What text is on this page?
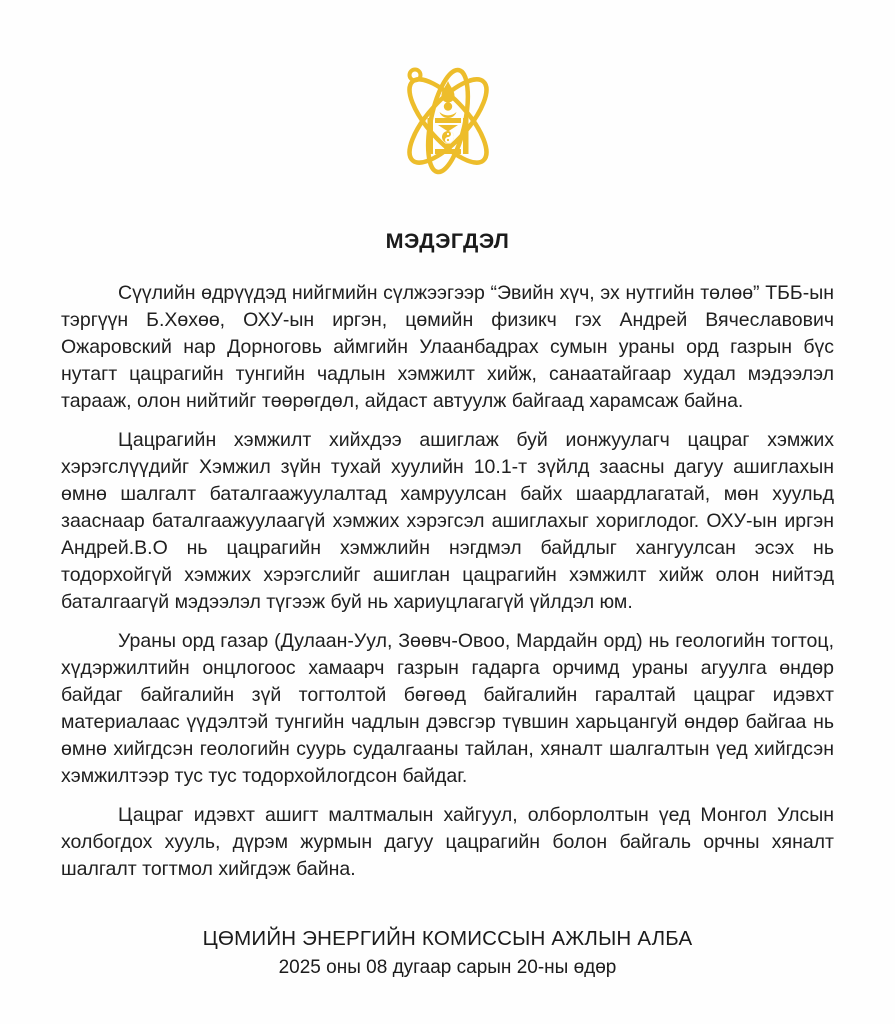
МЭДЭГДЭЛ

Сүүлийн өдрүүдэд нийгмийн сүлжээгээр “Эвийн хүч, эх нутгийн төлөө” ТББ-ын тэргүүн Б.Хөхөө, ОХУ-ын иргэн, цөмийн физикч гэх Андрей Вячеславович Ожаровский нар Дорноговь аймгийн Улаанбадрах сумын ураны орд газрын бүс нутагт цацрагийн тунгийн чадлын хэмжилт хийж, санаатайгаар худал мэдээлэл тарааж, олон нийтийг төөрөгдөл, айдаст автуулж байгаад харамсаж байна.

Цацрагийн хэмжилт хийхдээ ашиглаж буй ионжуулагч цацраг хэмжих хэрэгслүүдийг Хэмжил зүйн тухай хуулийн 10.1-т зүйлд заасны дагуу ашиглахын өмнө шалгалт баталгаажуулалтад хамруулсан байх шаардлагатай, мөн хуульд зааснаар баталгаажуулаагүй хэмжих хэрэгсэл ашиглахыг хориглодог. ОХУ-ын иргэн Андрей.В.О нь цацрагийн хэмжлийн нэгдмэл байдлыг хангуулсан эсэх нь тодорхойгүй хэмжих хэрэгслийг ашиглан цацрагийн хэмжилт хийж олон нийтэд баталгаагүй мэдээлэл түгээж буй нь хариуцлагагүй үйлдэл юм.

Ураны орд газар (Дулаан-Уул, Зөөвч-Овоо, Мардайн орд) нь геологийн тогтоц, хүдэржилтийн онцлогоос хамаарч газрын гадарга орчимд ураны агуулга өндөр байдаг байгалийн зүй тогтолтой бөгөөд байгалийн гаралтай цацраг идэвхт материалаас үүдэлтэй тунгийн чадлын дэвсгэр түвшин харьцангуй өндөр байгаа нь өмнө хийгдсэн геологийн суурь судалгааны тайлан, хяналт шалгалтын үед хийгдсэн хэмжилтээр тус тус тодорхойлогдсон байдаг.

Цацраг идэвхт ашигт малтмалын хайгуул, олборлолтын үед Монгол Улсын холбогдох хууль, дүрэм журмын дагуу цацрагийн болон байгаль орчны хяналт шалгалт тогтмол хийгдэж байна.

ЦӨМИЙН ЭНЕРГИЙН КОМИССЫН АЖЛЫН АЛБА
2025 оны 08 дугаар сарын 20-ны өдөр
